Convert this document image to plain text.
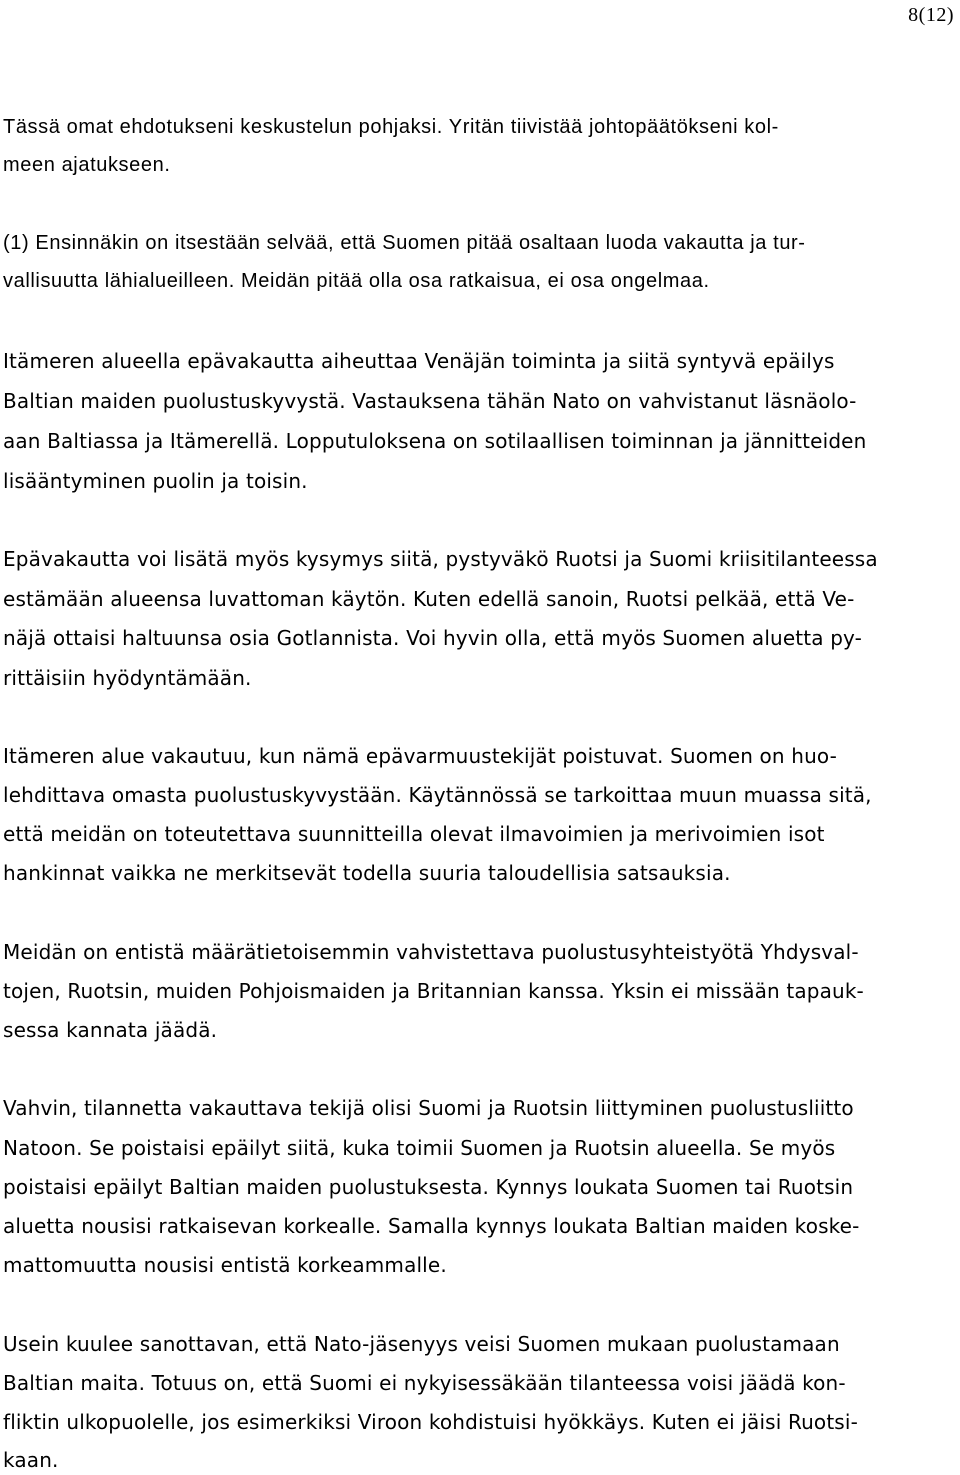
8(12)
Tässä omat ehdotukseni keskustelun pohjaksi. Yritän tiivistää johtopäätökseni kol-
meen ajatukseen.
(1) Ensinnäkin on itsestään selvää, että Suomen pitää osaltaan luoda vakautta ja tur-
vallisuutta lähialueilleen. Meidän pitää olla osa ratkaisua, ei osa ongelmaa.
Itämeren alueella epävakautta aiheuttaa Venäjän toiminta ja siitä syntyvä epäilys
Baltian maiden puolustuskyvystä. Vastauksena tähän Nato on vahvistanut läsnäolo-
aan Baltiassa ja Itämerellä. Lopputuloksena on sotilaallisen toiminnan ja jännitteiden
lisääntyminen puolin ja toisin.
Epävakautta voi lisätä myös kysymys siitä, pystyväkö Ruotsi ja Suomi kriisitilanteessa
estämään alueensa luvattoman käytön. Kuten edellä sanoin, Ruotsi pelkää, että Ve-
näjä ottaisi haltuunsa osia Gotlannista. Voi hyvin olla, että myös Suomen aluetta py-
rittäisiin hyödyntämään.
Itämeren alue vakautuu, kun nämä epävarmuustekijät poistuvat. Suomen on huo-
lehdittava omasta puolustuskyvystään. Käytännössä se tarkoittaa muun muassa sitä,
että meidän on toteutettava suunnitteilla olevat ilmavoimien ja merivoimien isot
hankinnat vaikka ne merkitsevät todella suuria taloudellisia satsauksia.
Meidän on entistä määrätietoisemmin vahvistettava puolustusyhteistyötä Yhdysval-
tojen, Ruotsin, muiden Pohjoismaiden ja Britannian kanssa. Yksin ei missään tapauk-
sessa kannata jäädä.
Vahvin, tilannetta vakauttava tekijä olisi Suomi ja Ruotsin liittyminen puolustusliitto
Natoon. Se poistaisi epäilyt siitä, kuka toimii Suomen ja Ruotsin alueella. Se myös
poistaisi epäilyt Baltian maiden puolustuksesta. Kynnys loukata Suomen tai Ruotsin
aluetta nousisi ratkaisevan korkealle. Samalla kynnys loukata Baltian maiden koske-
mattomuutta nousisi entistä korkeammalle.
Usein kuulee sanottavan, että Nato-jäsenyys veisi Suomen mukaan puolustamaan
Baltian maita. Totuus on, että Suomi ei nykyisessäkään tilanteessa voisi jäädä kon-
fliktin ulkopuolelle, jos esimerkiksi Viroon kohdistuisi hyökkäys. Kuten ei jäisi Ruotsi-
kaan.
